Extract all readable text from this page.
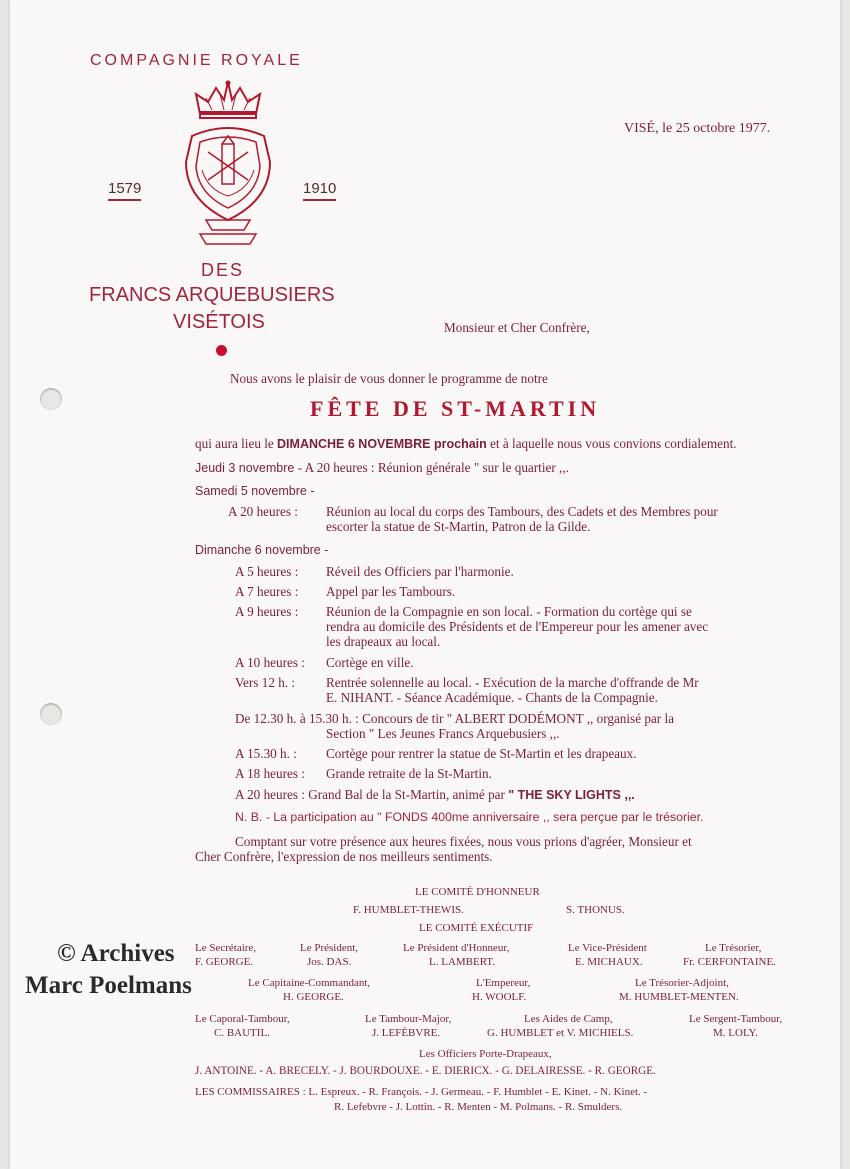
COMPAGNIE ROYALE
1579	1910
DES
FRANCS ARQUEBUSIERS
VISÉTOIS
VISÉ, le 25 octobre 1977.
Monsieur et Cher Confrère,
Nous avons le plaisir de vous donner le programme de notre
FÊTE DE ST-MARTIN
qui aura lieu le DIMANCHE 6 NOVEMBRE prochain et à laquelle nous vous convions cordialement.
Jeudi 3 novembre - A 20 heures : Réunion générale " sur le quartier ,,.
Samedi 5 novembre -
A 20 heures : Réunion au local du corps des Tambours, des Cadets et des Membres pour
escorter la statue de St-Martin, Patron de la Gilde.
Dimanche 6 novembre -
A 5 heures : Réveil des Officiers par l'harmonie.
A 7 heures : Appel par les Tambours.
A 9 heures : Réunion de la Compagnie en son local. - Formation du cortège qui se
rendra au domicile des Présidents et de l'Empereur pour les amener avec
les drapeaux au local.
A 10 heures : Cortège en ville.
Vers 12 h. : Rentrée solennelle au local. - Exécution de la marche d'offrande de Mr
E. NIHANT. - Séance Académique. - Chants de la Compagnie.
De 12.30 h. à 15.30 h. : Concours de tir " ALBERT DODÉMONT ,, organisé par la
Section " Les Jeunes Francs Arquebusiers ,,.
A 15.30 h. : Cortège pour rentrer la statue de St-Martin et les drapeaux.
A 18 heures : Grande retraite de la St-Martin.
A 20 heures : Grand Bal de la St-Martin, animé par " THE SKY LIGHTS ,,.
N. B. - La participation au " FONDS 400me anniversaire ,, sera perçue par le trésorier.
Comptant sur votre présence aux heures fixées, nous vous prions d'agréer, Monsieur et
Cher Confrère, l'expression de nos meilleurs sentiments.
LE COMITÉ D'HONNEUR
F. HUMBLET-THEWIS.	S. THONUS.
LE COMITÉ EXÉCUTIF
Le Secrétaire,
F. GEORGE.
Le Président,
Jos. DAS.
Le Président d'Honneur,
L. LAMBERT.
Le Vice-Président
E. MICHAUX.
Le Trésorier,
Fr. CERFONTAINE.
Le Capitaine-Commandant,
H. GEORGE.
L'Empereur,
H. WOOLF.
Le Trésorier-Adjoint,
M. HUMBLET-MENTEN.
Le Caporal-Tambour,
C. BAUTIL.
Le Tambour-Major,
J. LEFÈBVRE.
Les Aides de Camp,
G. HUMBLET et V. MICHIELS.
Le Sergent-Tambour,
M. LOLY.
Les Officiers Porte-Drapeaux,
J. ANTOINE. - A. BRECELY. - J. BOURDOUXE. - E. DIERICX. - G. DELAIRESSE. - R. GEORGE.
LES COMMISSAIRES : L. Espreux. - R. François. - J. Germeau. - F. Humblet - E. Kinet. - N. Kinet. -
R. Lefebvre - J. Lottin. - R. Menten - M. Polmans. - R. Smulders.
© Archives
Marc Poelmans
